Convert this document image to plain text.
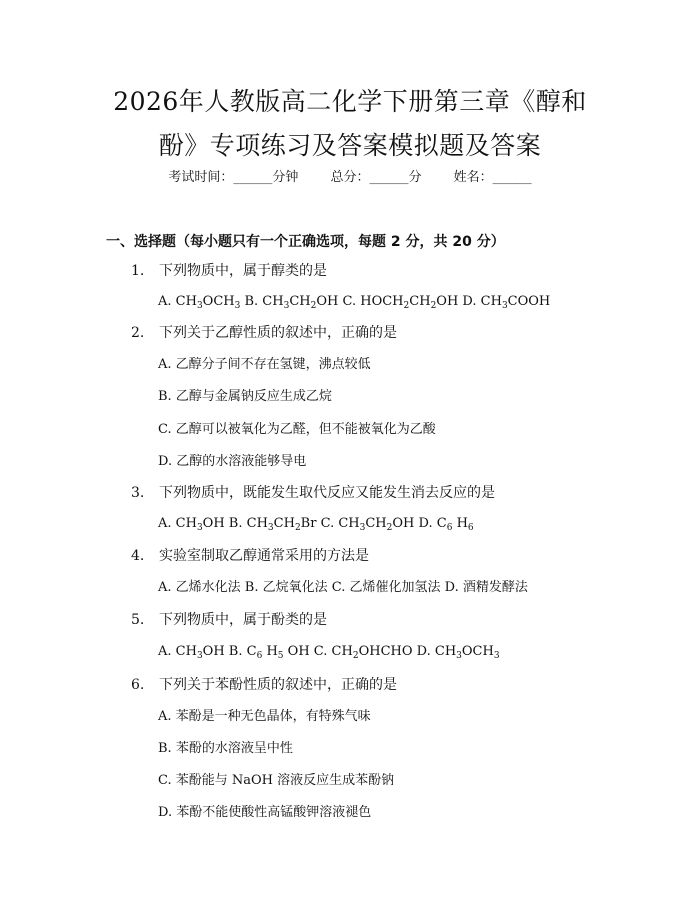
2026年人教版高二化学下册第三章《醇和
酚》专项练习及答案模拟题及答案
考试时间：______分钟 总分：______分 姓名：______
一、选择题（每小题只有一个正确选项，每题 2 分，共 20 分）
1. 下列物质中，属于醇类的是
A. $CH_3OCH_3$ B. $CH_3CH_2OH$ C. $HOCH_2CH_2OH$ D. $CH_3COOH$
2. 下列关于乙醇性质的叙述中，正确的是
A. 乙醇分子间不存在氢键，沸点较低
B. 乙醇与金属钠反应生成乙烷
C. 乙醇可以被氧化为乙醛，但不能被氧化为乙酸
D. 乙醇的水溶液能够导电
3. 下列物质中，既能发生取代反应又能发生消去反应的是
A. $CH_3OH$ B. $CH_3CH_2Br$ C. $CH_3CH_2OH$ D. $C_6$ $H_6$
4. 实验室制取乙醇通常采用的方法是
A. 乙烯水化法 B. 乙烷氧化法 C. 乙烯催化加氢法 D. 酒精发酵法
5. 下列物质中，属于酚类的是
A. $CH_3OH$ B. $C_6$ $H_5$ OH C. $CH_2OHCHO$ D. $CH_3OCH_3$
6. 下列关于苯酚性质的叙述中，正确的是
A. 苯酚是一种无色晶体，有特殊气味
B. 苯酚的水溶液呈中性
C. 苯酚能与 NaOH 溶液反应生成苯酚钠
D. 苯酚不能使酸性高锰酸钾溶液褪色
